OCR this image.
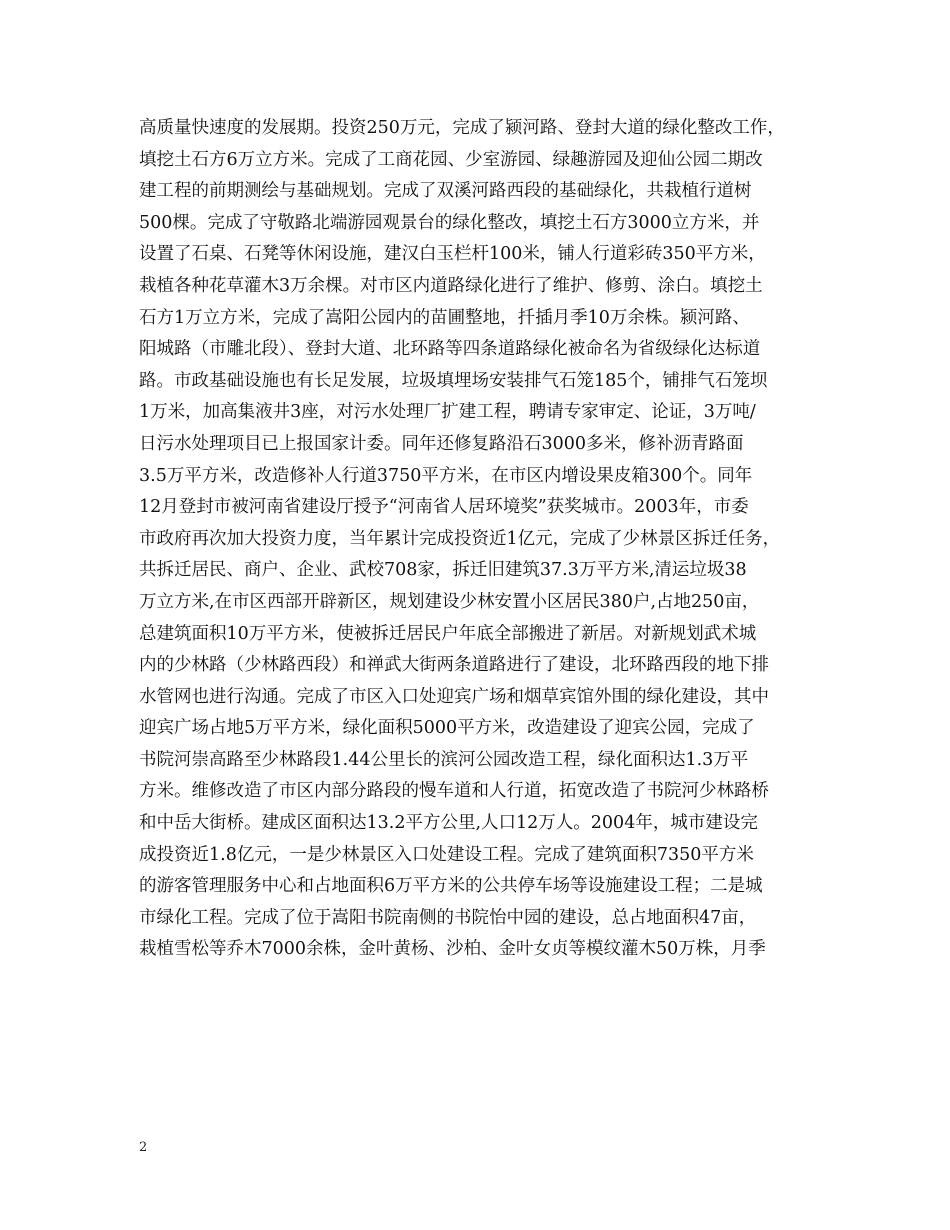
高质量快速度的发展期。投资250万元，完成了颍河路、登封大道的绿化整改工作，
填挖土石方6万立方米。完成了工商花园、少室游园、绿趣游园及迎仙公园二期改
建工程的前期测绘与基础规划。完成了双溪河路西段的基础绿化，共栽植行道树
500棵。完成了守敬路北端游园观景台的绿化整改，填挖土石方3000立方米，并
设置了石桌、石凳等休闲设施，建汉白玉栏杆100米，铺人行道彩砖350平方米，
栽植各种花草灌木3万余棵。对市区内道路绿化进行了维护、修剪、涂白。填挖土
石方1万立方米，完成了嵩阳公园内的苗圃整地，扦插月季10万余株。颍河路、
阳城路（市雕北段）、登封大道、北环路等四条道路绿化被命名为省级绿化达标道
路。市政基础设施也有长足发展，垃圾填埋场安装排气石笼185个，铺排气石笼坝
1万米，加高集液井3座，对污水处理厂扩建工程，聘请专家审定、论证，3万吨/
日污水处理项目已上报国家计委。同年还修复路沿石3000多米，修补沥青路面
3.5万平方米，改造修补人行道3750平方米，在市区内增设果皮箱300个。同年
12月登封市被河南省建设厅授予“河南省人居环境奖”获奖城市。2003年，市委
市政府再次加大投资力度，当年累计完成投资近1亿元，完成了少林景区拆迁任务，
共拆迁居民、商户、企业、武校708家，拆迁旧建筑37.3万平方米,清运垃圾38
万立方米,在市区西部开辟新区，规划建设少林安置小区居民380户,占地250亩，
总建筑面积10万平方米，使被拆迁居民户年底全部搬进了新居。对新规划武术城
内的少林路（少林路西段）和禅武大街两条道路进行了建设，北环路西段的地下排
水管网也进行沟通。完成了市区入口处迎宾广场和烟草宾馆外围的绿化建设，其中
迎宾广场占地5万平方米，绿化面积5000平方米，改造建设了迎宾公园，完成了
书院河崇高路至少林路段1.44公里长的滨河公园改造工程，绿化面积达1.3万平
方米。维修改造了市区内部分路段的慢车道和人行道，拓宽改造了书院河少林路桥
和中岳大街桥。建成区面积达13.2平方公里,人口12万人。2004年，城市建设完
成投资近1.8亿元，一是少林景区入口处建设工程。完成了建筑面积7350平方米
的游客管理服务中心和占地面积6万平方米的公共停车场等设施建设工程；二是城
市绿化工程。完成了位于嵩阳书院南侧的书院怡中园的建设，总占地面积47亩，
栽植雪松等乔木7000余株，金叶黄杨、沙柏、金叶女贞等模纹灌木50万株，月季
2
